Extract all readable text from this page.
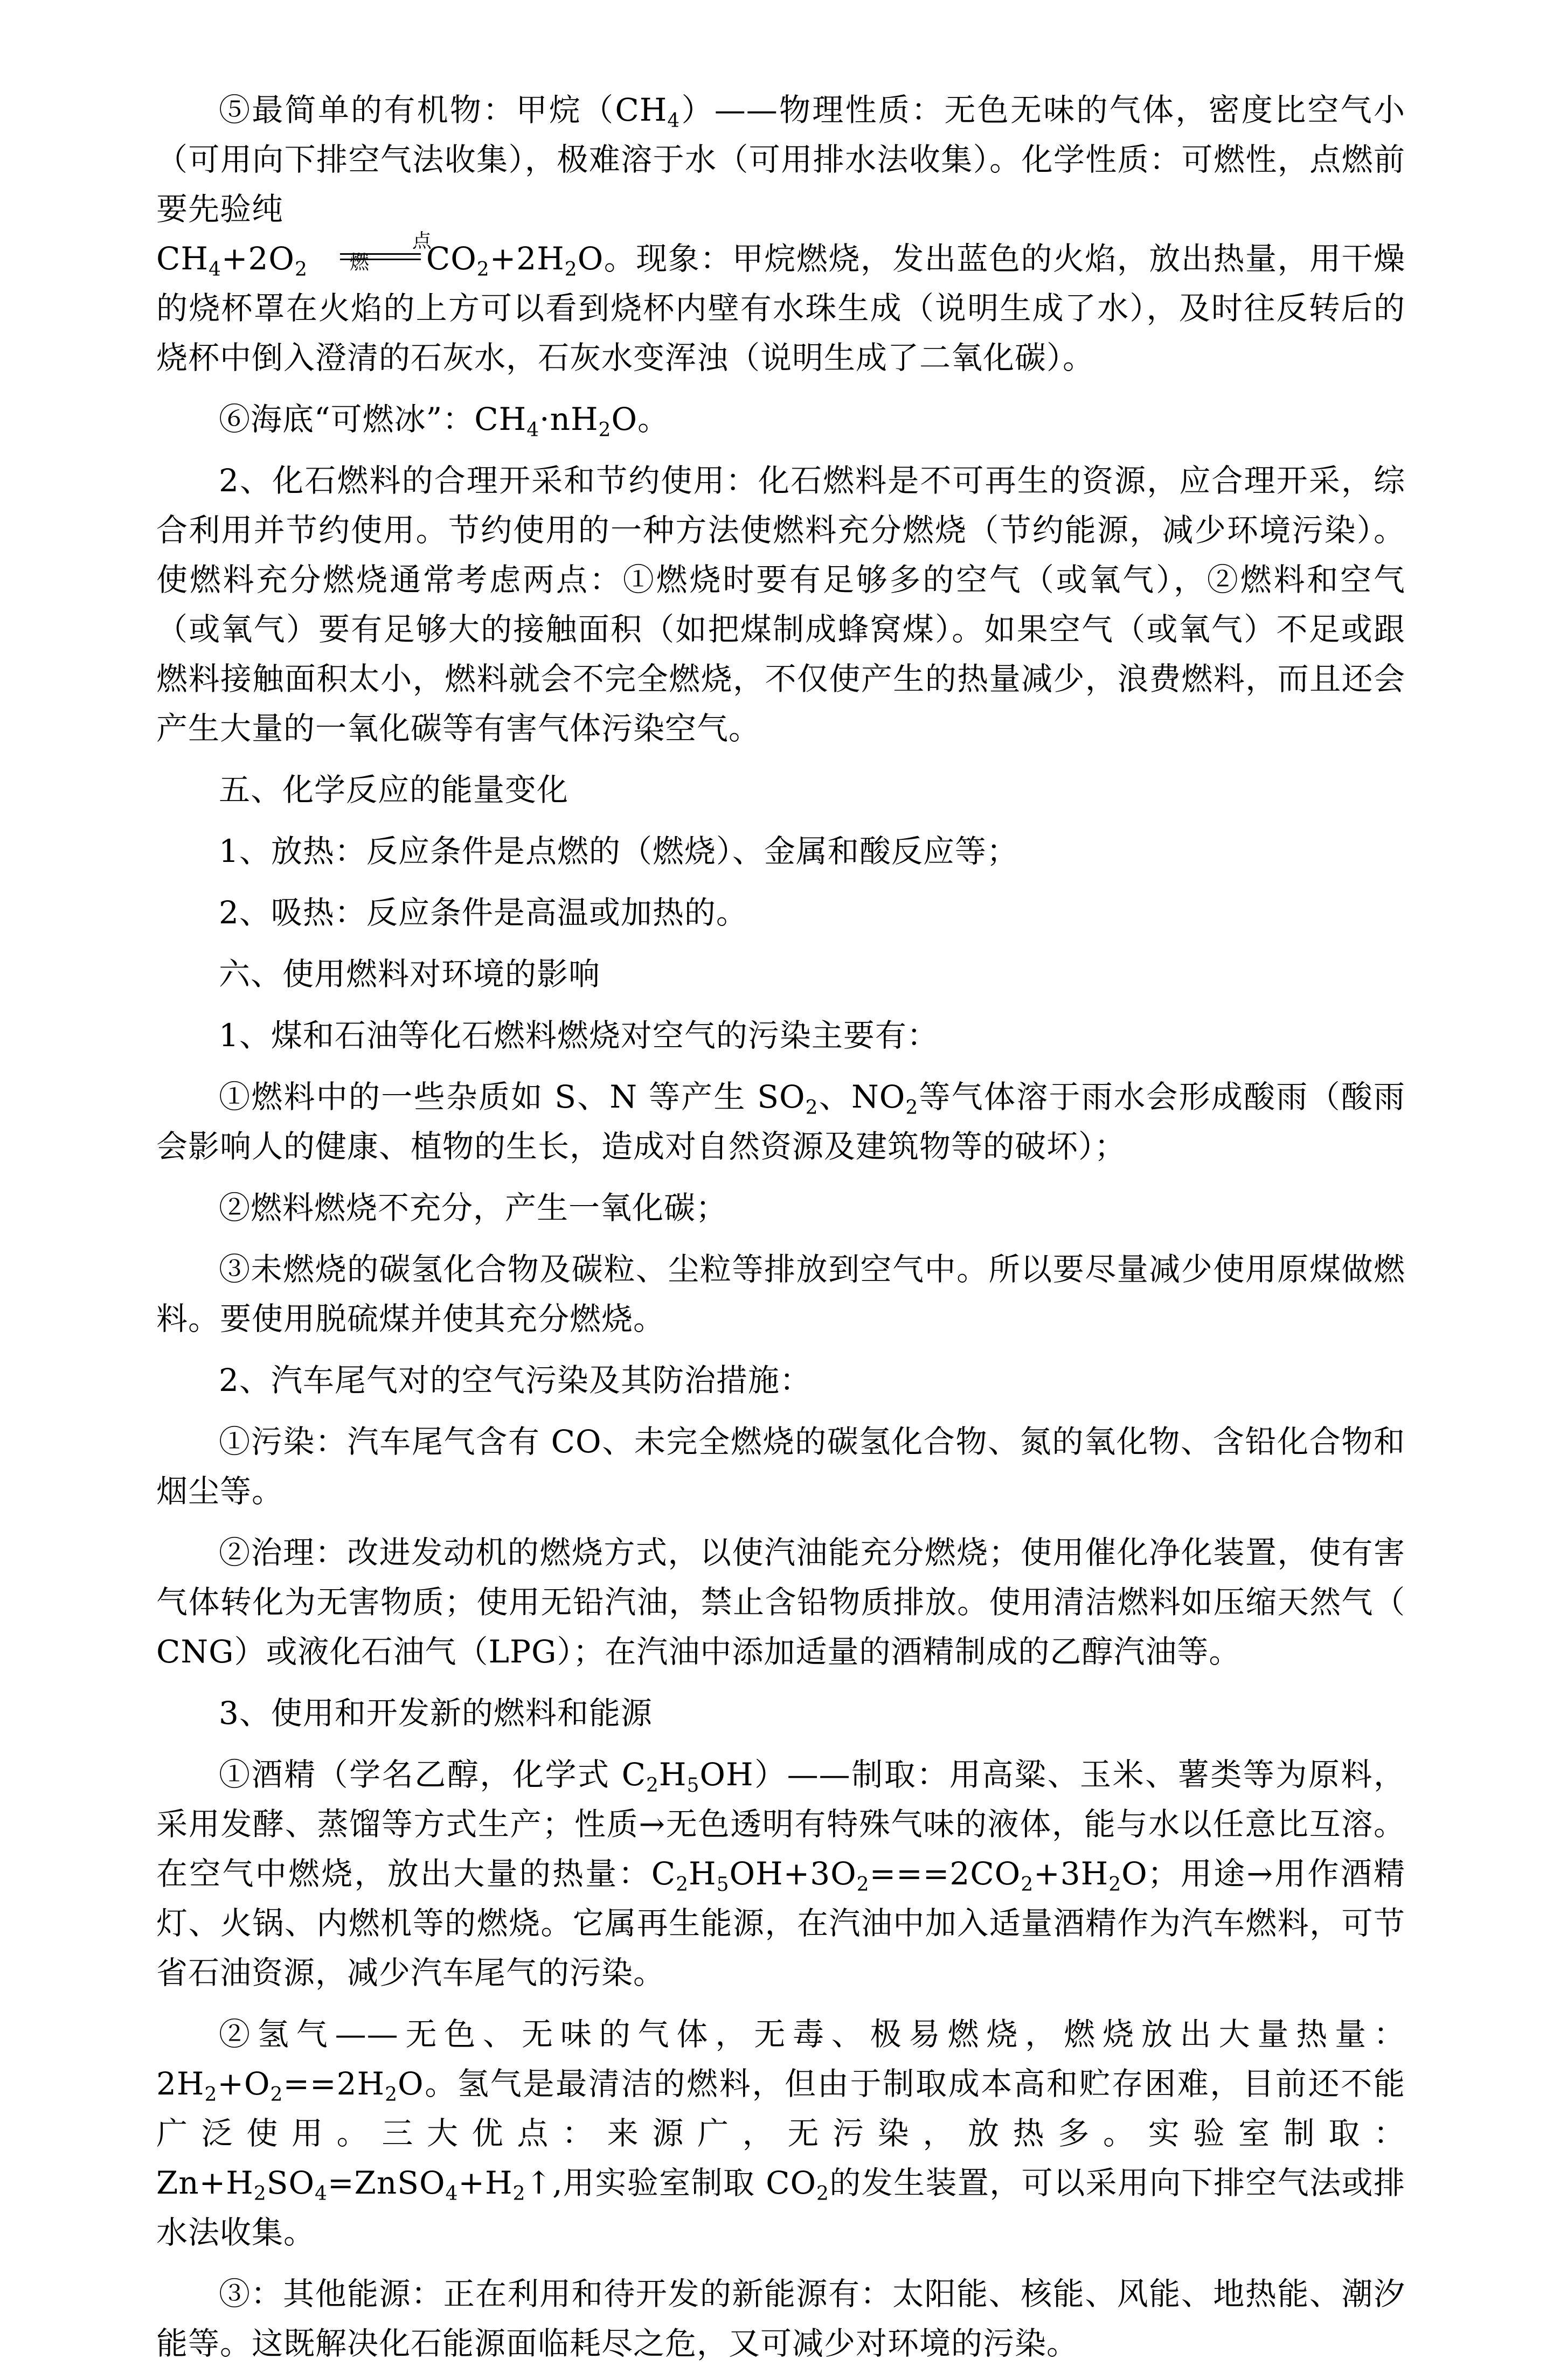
⑤最简单的有机物：甲烷$(CH_4)——$物理性质：无色无味的气体，密度比空气小（可用向下排空气法收集），极难溶于水（可用排水法收集）。化学性质：可燃性，点燃前要先验纯
$CH_4+2O_2$
点燃	$CO_2+2H_2O$。现象：甲烷燃烧，发出蓝色的火焰，放出热量，用干燥的烧杯罩在火焰的上方可以看到烧杯内壁有水珠生成（说明生成了水），及时往反转后的烧杯中倒入澄清的石灰水，石灰水变浑浊（说明生成了二氧化碳）。

⑥海底“可燃冰”：$CH_4\cdot nH_2O$。

2、化石燃料的合理开采和节约使用：化石燃料是不可再生的资源，应合理开采，综合利用并节约使用。节约使用的一种方法使燃料充分燃烧（节约能源，减少环境污染）。使燃料充分燃烧通常考虑两点：①燃烧时要有足够多的空气（或氧气），②燃料和空气（或氧气）要有足够大的接触面积（如把煤制成蜂窝煤）。如果空气（或氧气）不足或跟燃料接触面积太小，燃料就会不完全燃烧，不仅使产生的热量减少，浪费燃料，而且还会产生大量的一氧化碳等有害气体污染空气。

五、化学反应的能量变化

1、放热：反应条件是点燃的（燃烧）、金属和酸反应等；

2、吸热：反应条件是高温或加热的。

六、使用燃料对环境的影响

1、煤和石油等化石燃料燃烧对空气的污染主要有：

①燃料中的一些杂质如 S、N 等产生 $SO_2$、$NO_2$等气体溶于雨水会形成酸雨（酸雨会影响人的健康、植物的生长，造成对自然资源及建筑物等的破坏）；

②燃料燃烧不充分，产生一氧化碳；

③未燃烧的碳氢化合物及碳粒、尘粒等排放到空气中。所以要尽量减少使用原煤做燃料。要使用脱硫煤并使其充分燃烧。

2、汽车尾气对的空气污染及其防治措施：

①污染：汽车尾气含有 CO、未完全燃烧的碳氢化合物、氮的氧化物、含铅化合物和烟尘等。

②治理：改进发动机的燃烧方式，以使汽油能充分燃烧；使用催化净化装置，使有害气体转化为无害物质；使用无铅汽油，禁止含铅物质排放。使用清洁燃料如压缩天然气（ CNG）或液化石油气（LPG）；在汽油中添加适量的酒精制成的乙醇汽油等。

3、使用和开发新的燃料和能源

①酒精（学名乙醇，化学式 $C_2H_5OH)——$制取：用高粱、玉米、薯类等为原料，采用发酵、蒸馏等方式生产；性质→无色透明有特殊气味的液体，能与水以任意比互溶。在空气中燃烧，放出大量的热量：$C_2H_5OH+3O_2===2CO_2+3H_2O$；用途→用作酒精灯、火锅、内燃机等的燃烧。它属再生能源，在汽油中加入适量酒精作为汽车燃料，可节省石油资源，减少汽车尾气的污染。

②氢气——无色、无味的气体，无毒、极易燃烧，燃烧放出大量热量：$2H_2+O_2==2H_2O$。氢气是最清洁的燃料，但由于制取成本高和贮存困难，目前还不能广泛使用。三大优点：来源广，无污染，放热多。实验室制取：$Zn+H_2SO_4=ZnSO_4+H_2↑$,用实验室制取 $CO_2$的发生装置，可以采用向下排空气法或排水法收集。

③：其他能源：正在利用和待开发的新能源有：太阳能、核能、风能、地热能、潮汐能等。这既解决化石能源面临耗尽之危，又可减少对环境的污染。
